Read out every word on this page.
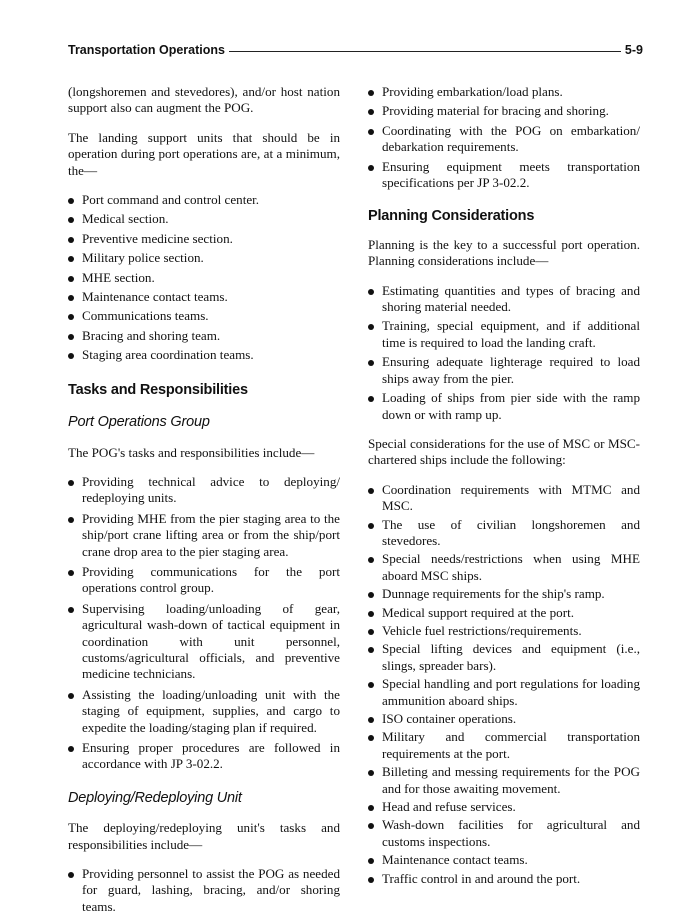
Transportation Operations	5-9

(longshoremen and stevedores), and/or host nation support also can augment the POG.

The landing support units that should be in operation during port operations are, at a minimum, the—

Port command and control center.
Medical section.
Preventive medicine section.
Military police section.
MHE section.
Maintenance contact teams.
Communications teams.
Bracing and shoring team.
Staging area coordination teams.
Tasks and Responsibilities
Port Operations Group

The POG's tasks and responsibilities include—

Providing technical advice to deploying/ redeploying units.
Providing MHE from the pier staging area to the ship/port crane lifting area or from the ship/port crane drop area to the pier staging area.
Providing communications for the port operations control group.
Supervising loading/unloading of gear, agricultural wash-down of tactical equipment in coordination with unit personnel, customs/agricultural officials, and preventive medicine technicians.
Assisting the loading/unloading unit with the staging of equipment, supplies, and cargo to expedite the loading/staging plan if required.
Ensuring proper procedures are followed in accordance with JP 3-02.2.
Deploying/Redeploying Unit

The deploying/redeploying unit's tasks and responsibilities include—

Providing personnel to assist the POG as needed for guard, lashing, bracing, and/or shoring teams.
Providing embarkation/load plans.
Providing material for bracing and shoring.
Coordinating with the POG on embarkation/ debarkation requirements.
Ensuring equipment meets transportation specifications per JP 3-02.2.
Planning Considerations

Planning is the key to a successful port operation. Planning considerations include—

Estimating quantities and types of bracing and shoring material needed.
Training, special equipment, and if additional time is required to load the landing craft.
Ensuring adequate lighterage required to load ships away from the pier.
Loading of ships from pier side with the ramp down or with ramp up.

Special considerations for the use of MSC or MSC-chartered ships include the following:

Coordination requirements with MTMC and MSC.
The use of civilian longshoremen and stevedores.
Special needs/restrictions when using MHE aboard MSC ships.
Dunnage requirements for the ship's ramp.
Medical support required at the port.
Vehicle fuel restrictions/requirements.
Special lifting devices and equipment (i.e., slings, spreader bars).
Special handling and port regulations for loading ammunition aboard ships.
ISO container operations.
Military and commercial transportation requirements at the port.
Billeting and messing requirements for the POG and for those awaiting movement.
Head and refuse services.
Wash-down facilities for agricultural and customs inspections.
Maintenance contact teams.
Traffic control in and around the port.
